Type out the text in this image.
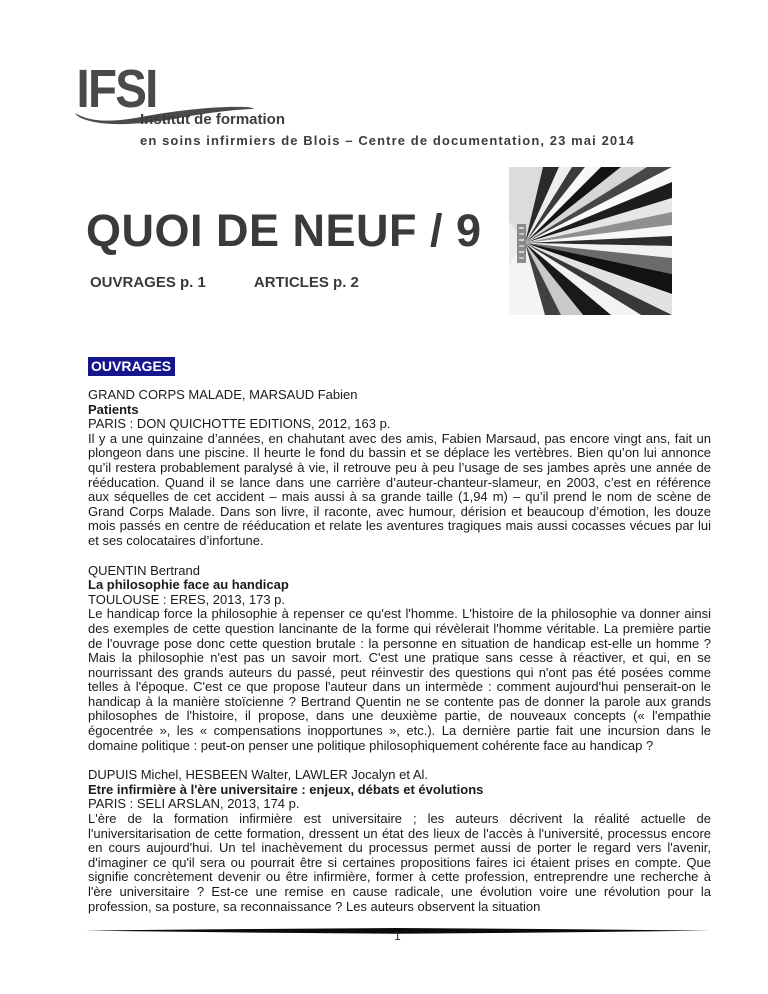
IFSI
Institut de formation
en soins infirmiers de Blois – Centre de documentation, 23 mai 2014
QUOI DE NEUF / 9
OUVRAGES p. 1	ARTICLES p. 2
OUVRAGES
GRAND CORPS MALADE, MARSAUD Fabien
Patients
PARIS : DON QUICHOTTE EDITIONS, 2012, 163 p.
Il y a une quinzaine d’années, en chahutant avec des amis, Fabien Marsaud, pas encore vingt ans, fait un plongeon dans une piscine. Il heurte le fond du bassin et se déplace les vertèbres. Bien qu’on lui annonce qu’il restera probablement paralysé à vie, il retrouve peu à peu l’usage de ses jambes après une année de rééducation. Quand il se lance dans une carrière d’auteur-chanteur-slameur, en 2003, c’est en référence aux séquelles de cet accident – mais aussi à sa grande taille (1,94 m) – qu’il prend le nom de scène de Grand Corps Malade. Dans son livre, il raconte, avec humour, dérision et beaucoup d’émotion, les douze mois passés en centre de rééducation et relate les aventures tragiques mais aussi cocasses vécues par lui et ses colocataires d’infortune.
QUENTIN Bertrand
La philosophie face au handicap
TOULOUSE : ERES, 2013, 173 p.
Le handicap force la philosophie à repenser ce qu'est l'homme. L'histoire de la philosophie va donner ainsi des exemples de cette question lancinante de la forme qui révèlerait l'homme véritable. La première partie de l'ouvrage pose donc cette question brutale : la personne en situation de handicap est-elle un homme ? Mais la philosophie n'est pas un savoir mort. C'est une pratique sans cesse à réactiver, et qui, en se nourrissant des grands auteurs du passé, peut réinvestir des questions qui n'ont pas été posées comme telles à l'époque. C'est ce que propose l'auteur dans un intermède : comment aujourd'hui penserait-on le handicap à la manière stoïcienne ? Bertrand Quentin ne se contente pas de donner la parole aux grands philosophes de l'histoire, il propose, dans une deuxième partie, de nouveaux concepts (« l'empathie égocentrée », les « compensations inopportunes », etc.). La dernière partie fait une incursion dans le domaine politique : peut-on penser une politique philosophiquement cohérente face au handicap ?
DUPUIS Michel, HESBEEN Walter, LAWLER Jocalyn et Al.
Etre infirmière à l'ère universitaire : enjeux, débats et évolutions
PARIS : SELI ARSLAN, 2013, 174 p.
L'ère de la formation infirmière est universitaire ; les auteurs décrivent la réalité actuelle de l'universitarisation de cette formation, dressent un état des lieux de l'accès à l'université, processus encore en cours aujourd'hui. Un tel inachèvement du processus permet aussi de porter le regard vers l'avenir, d'imaginer ce qu'il sera ou pourrait être si certaines propositions faires ici étaient prises en compte. Que signifie concrètement devenir ou être infirmière, former à cette profession, entreprendre une recherche à l'ère universitaire ? Est-ce une remise en cause radicale, une évolution voire une révolution pour la profession, sa posture, sa reconnaissance ? Les auteurs observent la situation
1
